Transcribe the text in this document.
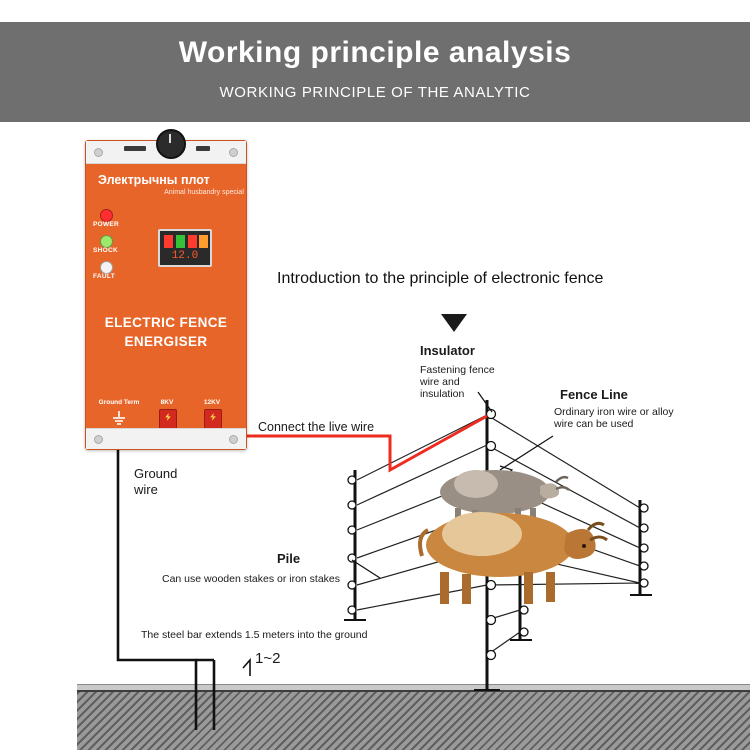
Working principle analysis
WORKING PRINCIPLE OF THE ANALYTIC
Электрычны плот
Animal husbandry special
POWER
SHOCK
FAULT
12.0
ELECTRIC FENCE
ENERGISER
Ground Term	8KV	12KV
Introduction to the principle of electronic fence
Insulator
Fastening fence wire and insulation	Fence Line
Ordinary iron wire or alloy wire can be used
Connect the live wire
Ground wire
Pile
Can use wooden stakes or iron stakes
The steel bar extends 1.5 meters into the ground
1~2
